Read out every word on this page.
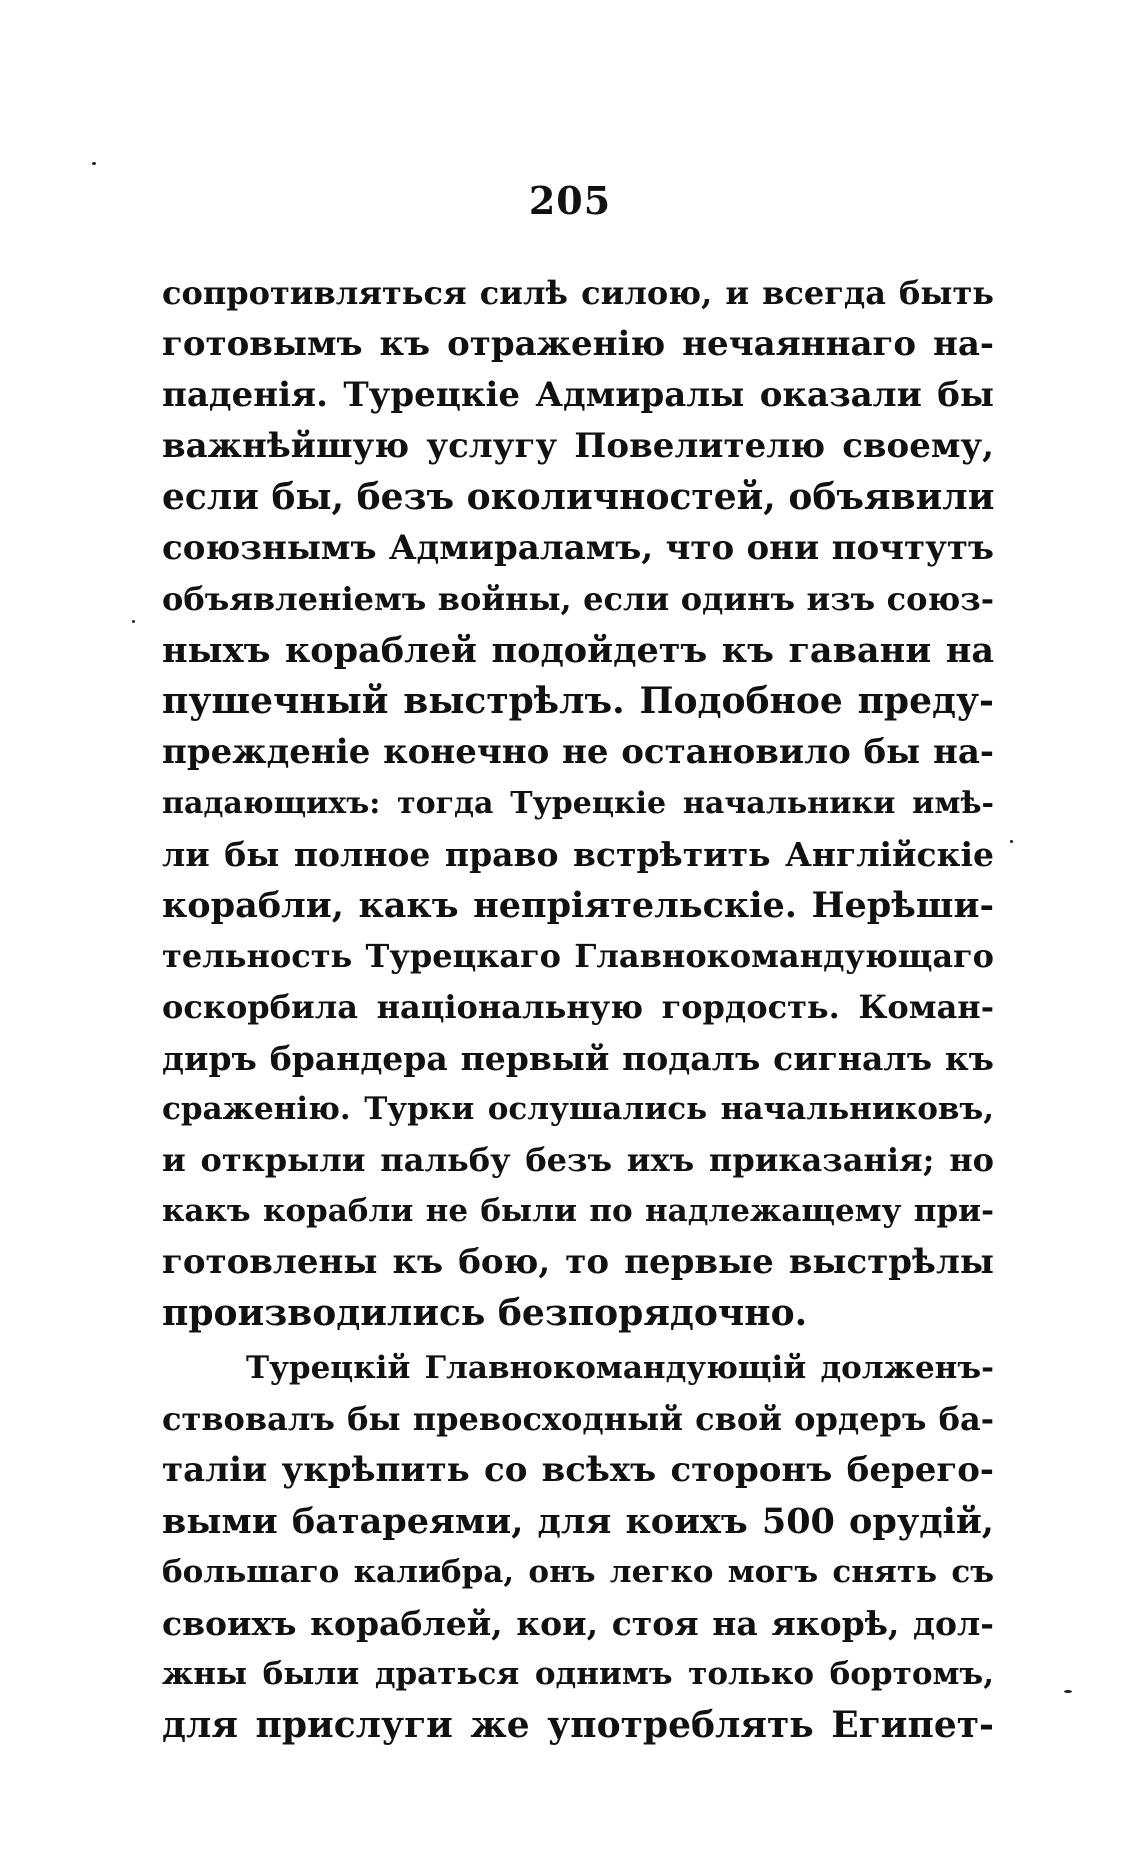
205
сопротивляться силѣ силою, и всегда быть
готовымъ къ отраженію нечаяннаго на-
паденія. Турецкіе Адмиралы оказали бы
важнѣйшую услугу Повелителю своему,
если бы, безъ околичностей, объявили
союзнымъ Адмираламъ, что они почтутъ
объявленіемъ войны, если одинъ изъ союз-
ныхъ кораблей подойдетъ къ гавани на
пушечный выстрѣлъ. Подобное преду-
прежденіе конечно не остановило бы на-
падающихъ: тогда Турецкіе начальники имѣ-
ли бы полное право встрѣтить Англійскіе
корабли, какъ непріятельскіе. Нерѣши-
тельность Турецкаго Главнокомандующаго
оскорбила національную гордость. Коман-
диръ брандера первый подалъ сигналъ къ
сраженію. Турки ослушались начальниковъ,
и открыли пальбу безъ ихъ приказанія; но
какъ корабли не были по надлежащему при-
готовлены къ бою, то первые выстрѣлы
производились безпорядочно.
Турецкій Главнокомандующій долженъ-
ствовалъ бы превосходный свой ордеръ ба-
таліи укрѣпить со всѣхъ сторонъ берего-
выми батареями, для коихъ 500 орудій,
большаго калибра, онъ легко могъ снять съ
своихъ кораблей, кои, стоя на якорѣ, дол-
жны были драться однимъ только бортомъ,
для прислуги же употреблять Египет-
